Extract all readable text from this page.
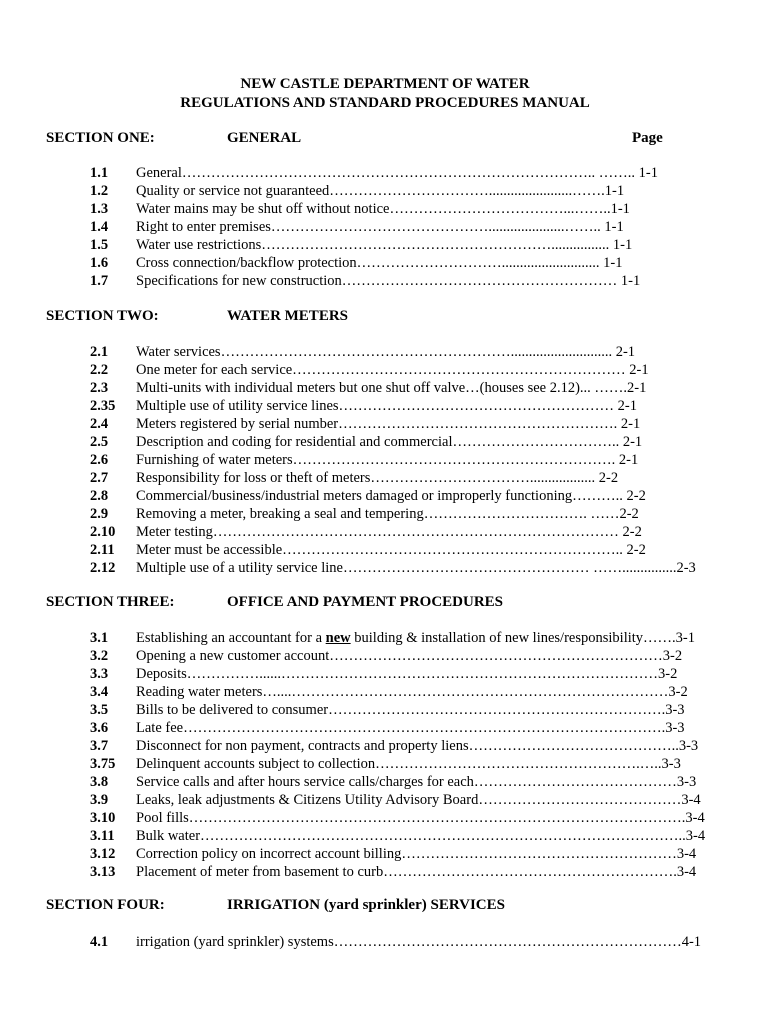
NEW CASTLE DEPARTMENT OF WATER
REGULATIONS AND STANDARD PROCEDURES MANUAL
SECTION ONE:	GENERAL	Page
1.1 General………………………………………………………………………….. …….. 1-1
1.2 Quality or service not guaranteed…………………………….......................…….1-1
1.3 Water mains may be shut off without notice………………………………...……..1-1
1.4 Right to enter premises……………………………………….....................…….. 1-1
1.5 Water use restrictions……………………………………………………................ 1-1
1.6 Cross connection/backflow protection…………………………........................... 1-1
1.7 Specifications for new construction………………………………………………… 1-1
SECTION TWO:	WATER METERS
2.1 Water services……………………………………………………............................ 2-1
2.2 One meter for each service…………………………………………………………… 2-1
2.3 Multi-units with individual meters but one shut off valve…(houses see 2.12)... …….2-1
2.35 Multiple use of utility service lines………………………………………………… 2-1
2.4 Meters registered by serial number…………………………………………………. 2-1
2.5 Description and coding for residential and commercial…………………………….. 2-1
2.6 Furnishing of water meters…………………………………………………………. 2-1
2.7 Responsibility for loss or theft of meters…………………………….................. 2-2
2.8 Commercial/business/industrial meters damaged or improperly functioning……….. 2-2
2.9 Removing a meter, breaking a seal and tempering……………………………. ……2-2
2.10 Meter testing………………………………………………………………………… 2-2
2.11 Meter must be accessible…………………………………………………………….. 2-2
2.12 Multiple use of a utility service line…………………………………………… ……...............2-3
SECTION THREE:	OFFICE AND PAYMENT PROCEDURES
3.1 Establishing an accountant for a new building & installation of new lines/responsibility…….3-1
3.2 Opening a new customer account……………………………………………………………3-2
3.3 Deposits……………......……………………………………………………………………3-2
3.4 Reading water meters…....……………………………………………………………………3-2
3.5 Bills to be delivered to consumer…………………………………………………………….3-3
3.6 Late fee……………………………………………………………………………………….3-3
3.7 Disconnect for non payment, contracts and property liens……………………………………..3-3
3.75 Delinquent accounts subject to collection……………………………………………….…..3-3
3.8 Service calls and after hours service calls/charges for each……………………………………3-3
3.9 Leaks, leak adjustments & Citizens Utility Advisory Board……………………………………3-4
3.10 Pool fills………………………………………………………………………………………….3-4
3.11 Bulk water………………………………………………………………………………………..3-4
3.12 Correction policy on incorrect account billing…………………………………………………3-4
3.13 Placement of meter from basement to curb…………………………………………………….3-4
SECTION FOUR:	IRRIGATION (yard sprinkler) SERVICES
4.1 irrigation (yard sprinkler) systems………………………………………………………………4-1
